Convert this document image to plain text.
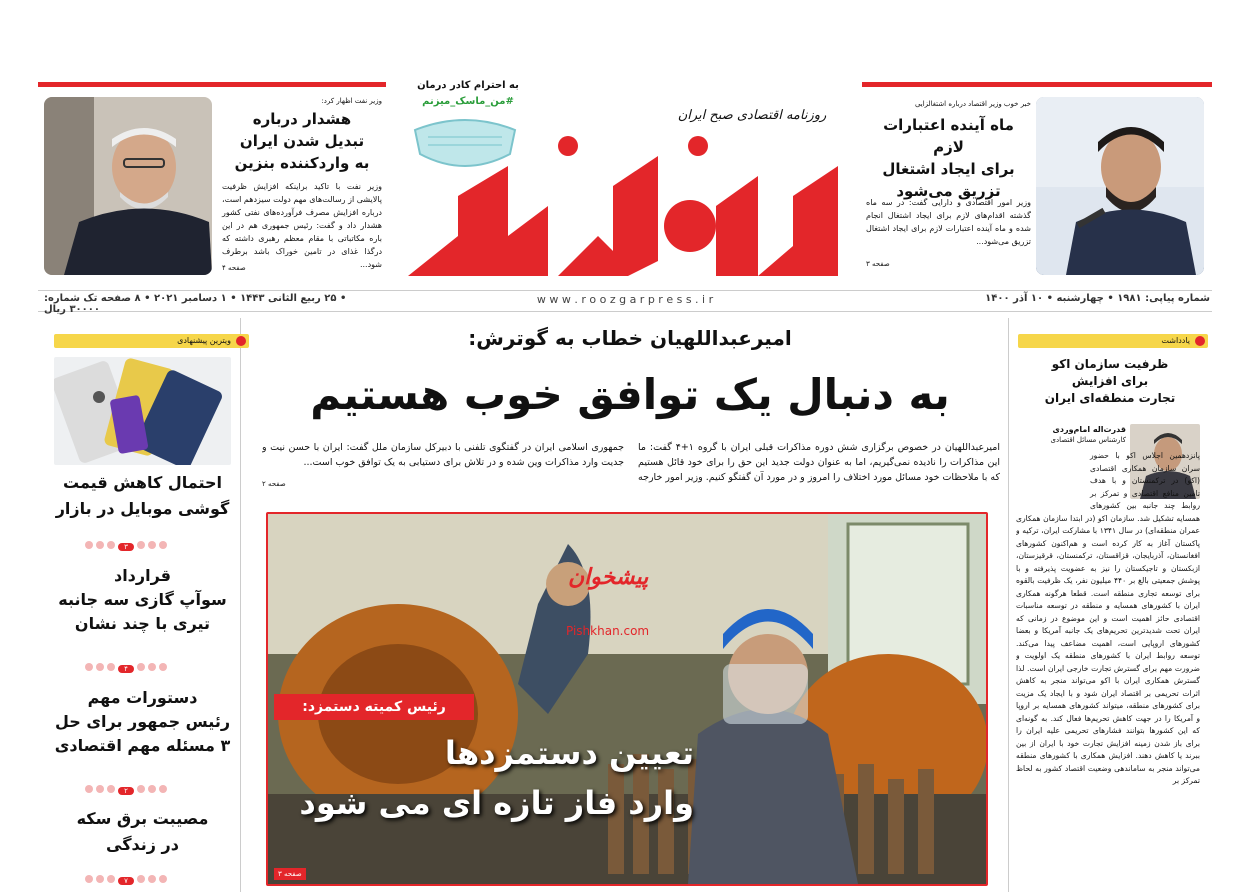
خبر خوب وزیر اقتصاد درباره اشتغالزایی
ماه آینده اعتبارات لازم
برای ایجاد اشتغال
تزریق می‌شود
وزیر امور اقتصادی و دارایی گفت: در سه ماه گذشته اقدام‌های لازم برای ایجاد اشتغال انجام شده و ماه آینده اعتبارات لازم برای ایجاد اشتغال تزریق می‌شود...
صفحه ۳
وزیر نفت اظهار کرد:
هشدار درباره
تبدیل شدن ایران
به واردکننده بنزین
وزیر نفت با تاکید براینکه افزایش ظرفیت پالایشی از رسالت‌های مهم دولت سیزدهم است، درباره افزایش مصرف فرآورده‌های نفتی کشور هشدار داد و گفت: رئیس جمهوری هم در این باره مکاتباتی با مقام معظم رهبری داشته که درگذا غذای در تامین خوراک باشد برطرف شود...
صفحه ۴
به احترام کادر درمان
#من_ماسک_میزنم
روزنامه اقتصادی صبح ایران
شماره پیاپی: ۱۹۸۱ • چهارشنبه • ۱۰ آذر ۱۴۰۰
w w w . r o o z g a r p r e s s . i r
• ۲۵ ربیع الثانی ۱۴۴۳ • ۱ دسامبر ۲۰۲۱ • ۸ صفحه تک شماره: ۳۰۰۰۰ ریال
یادداشت
ظرفیت سازمان اکو
برای افزایش
تجارت منطقه‌ای ایران
قدرت‌اله امام‌وردی
کارشناس مسائل اقتصادی
پانزدهمین اجلاس اکو با حضور سران سازمان همکاری اقتصادی (اکو) در ترکمنستان و با هدف تامین منافع اقتصادی و تمرکز بر روابط چند جانبه بین کشورهای همسایه تشکیل شد. سازمان اکو (در ابتدا سازمان همکاری عمران منطقه‌ای) در سال ۱۳۴۱ با مشارکت ایران، ترکیه و پاکستان آغاز به کار کرده است و هم‌اکنون کشورهای افغانستان، آذربایجان، قزاقستان، ترکمنستان، قرقیزستان، ازبکستان و تاجیکستان را نیز به عضویت پذیرفته و با پوشش جمعیتی بالغ بر ۴۴۰ میلیون نفر، یک ظرفیت بالقوه برای توسعه تجاری منطقه است. قطعا هرگونه همکاری ایران با کشورهای همسایه و منطقه در توسعه مناسبات اقتصادی حائز اهمیت است و این موضوع در زمانی که ایران تحت شدیدترین تحریم‌های یک جانبه آمریکا و بعضا کشورهای اروپایی است، اهمیت مضاعف پیدا می‌کند. توسعه روابط ایران با کشورهای منطقه یک اولویت و ضرورت مهم برای گسترش تجارت خارجی ایران است. لذا گسترش همکاری ایران با اکو می‌تواند منجر به کاهش اثرات تحریمی بر اقتصاد ایران شود و با ایجاد یک مزیت برای کشورهای منطقه، میتواند کشورهای همسایه بر اروپا و آمریکا را در جهت کاهش تحریم‌ها فعال کند. به گونه‌ای که این کشورها بتوانند فشارهای تحریمی علیه ایران را برای باز شدن زمینه افزایش تجارت خود با ایران از بین ببرند یا کاهش دهند. افزایش همکاری با کشورهای منطقه می‌تواند منجر به ساماندهی وضعیت اقتصاد کشور به لحاظ تمرکز بر
ویترین پیشنهادی
احتمال کاهش قیمت
گوشی موبایل در بازار
۳
قرارداد
سوآپ گازی سه جانبه
تیری با چند نشان
۴
دستورات مهم
رئیس جمهور برای حل
۳ مسئله مهم اقتصادی
۲
مصیبت برق سکه
در زندگی
۷
امیرعبداللهیان خطاب به گوترش:
به دنبال یک توافق خوب هستیم
امیرعبداللهیان در خصوص برگزاری شش دوره مذاکرات قبلی ایران با گروه ۱+۴ گفت: ما این مذاکرات را نادیده نمی‌گیریم، اما به عنوان دولت جدید این حق را برای خود قائل هستیم که با ملاحظات خود مسائل مورد اختلاف را امروز و در مورد آن گفتگو کنیم. وزیر امور خارجه جمهوری اسلامی ایران در گفتگوی تلفنی با دبیرکل سازمان ملل گفت: ایران با حسن نیت و جدیت وارد مذاکرات وین شده و در تلاش برای دستیابی به یک توافق خوب است...
صفحه ۲
پیشخوان
Pishkhan.com
رئیس کمیته دستمزد:
تعیین دستمزدها
وارد فاز تازه ای می شود
صفحه ۳
